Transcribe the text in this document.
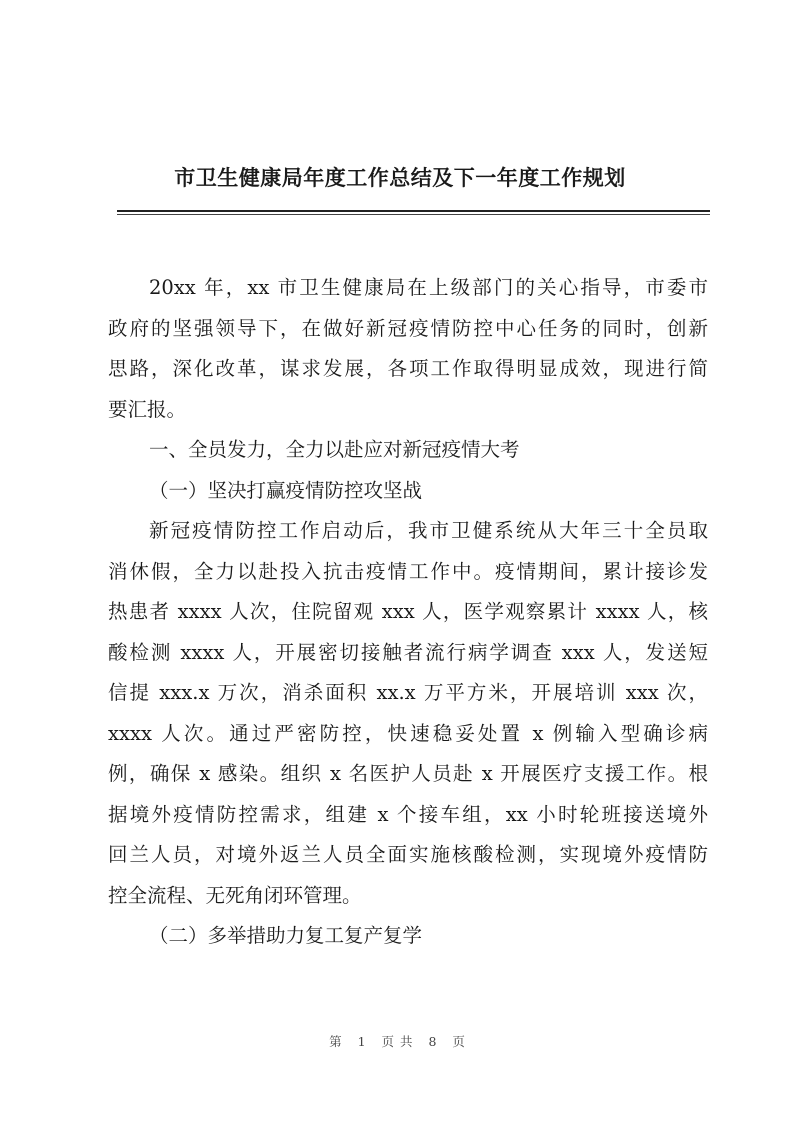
市卫生健康局年度工作总结及下一年度工作规划
20xx 年，xx 市卫生健康局在上级部门的关心指导，市委市
政府的坚强领导下，在做好新冠疫情防控中心任务的同时，创新
思路，深化改革，谋求发展，各项工作取得明显成效，现进行简
要汇报。
一、全员发力，全力以赴应对新冠疫情大考
（一）坚决打赢疫情防控攻坚战
新冠疫情防控工作启动后，我市卫健系统从大年三十全员取
消休假，全力以赴投入抗击疫情工作中。疫情期间，累计接诊发
热患者 xxxx 人次，住院留观 xxx 人，医学观察累计 xxxx 人，核
酸检测 xxxx 人，开展密切接触者流行病学调查 xxx 人，发送短
信提 xxx.x 万次，消杀面积 xx.x 万平方米，开展培训 xxx 次，
xxxx 人次。通过严密防控，快速稳妥处置 x 例输入型确诊病
例，确保 x 感染。组织 x 名医护人员赴 x 开展医疗支援工作。根
据境外疫情防控需求，组建 x 个接车组，xx 小时轮班接送境外
回兰人员，对境外返兰人员全面实施核酸检测，实现境外疫情防
控全流程、无死角闭环管理。
（二）多举措助力复工复产复学
第 1 页共 8 页
